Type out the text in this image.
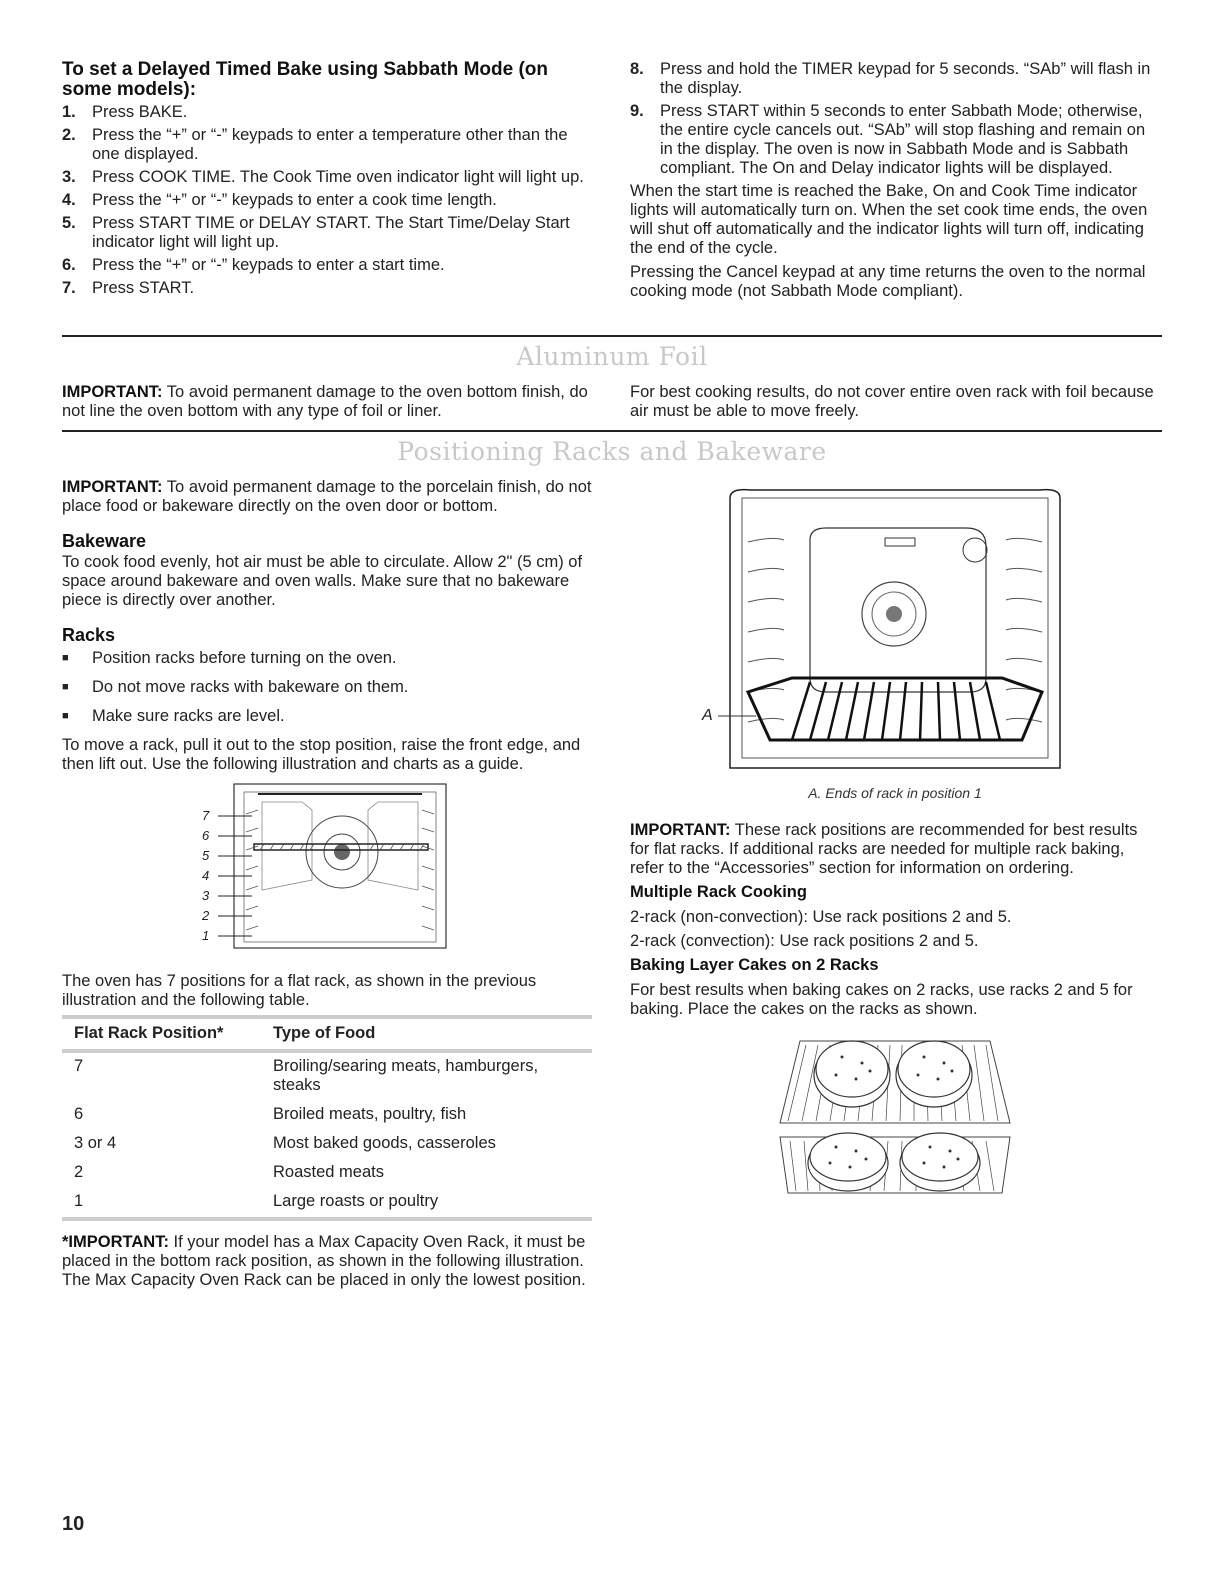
To set a Delayed Timed Bake using Sabbath Mode (on some models):
1. Press BAKE.
2. Press the “+” or “-” keypads to enter a temperature other than the one displayed.
3. Press COOK TIME. The Cook Time oven indicator light will light up.
4. Press the “+” or “-” keypads to enter a cook time length.
5. Press START TIME or DELAY START. The Start Time/Delay Start indicator light will light up.
6. Press the “+” or “-” keypads to enter a start time.
7. Press START.
8. Press and hold the TIMER keypad for 5 seconds. “SAb” will flash in the display.
9. Press START within 5 seconds to enter Sabbath Mode; otherwise, the entire cycle cancels out. “SAb” will stop flashing and remain on in the display. The oven is now in Sabbath Mode and is Sabbath compliant. The On and Delay indicator lights will be displayed.

When the start time is reached the Bake, On and Cook Time indicator lights will automatically turn on. When the set cook time ends, the oven will shut off automatically and the indicator lights will turn off, indicating the end of the cycle.

Pressing the Cancel keypad at any time returns the oven to the normal cooking mode (not Sabbath Mode compliant).

Aluminum Foil

IMPORTANT: To avoid permanent damage to the oven bottom finish, do not line the oven bottom with any type of foil or liner.

For best cooking results, do not cover entire oven rack with foil because air must be able to move freely.

Positioning Racks and Bakeware

IMPORTANT: To avoid permanent damage to the porcelain finish, do not place food or bakeware directly on the oven door or bottom.

Bakeware

To cook food evenly, hot air must be able to circulate. Allow 2" (5 cm) of space around bakeware and oven walls. Make sure that no bakeware piece is directly over another.

Racks
■	Position racks before turning on the oven.
■	Do not move racks with bakeware on them.
■	Make sure racks are level.

To move a rack, pull it out to the stop position, raise the front edge, and then lift out. Use the following illustration and charts as a guide.

7
6
5
4
3
2
1

The oven has 7 positions for a flat rack, as shown in the previous illustration and the following table.

Flat Rack Position*	Type of Food
7	Broiling/searing meats, hamburgers, steaks
6	Broiled meats, poultry, fish
3 or 4	Most baked goods, casseroles
2	Roasted meats
1	Large roasts or poultry

*IMPORTANT: If your model has a Max Capacity Oven Rack, it must be placed in the bottom rack position, as shown in the following illustration. The Max Capacity Oven Rack can be placed in only the lowest position.

A
A. Ends of rack in position 1

IMPORTANT: These rack positions are recommended for best results for flat racks. If additional racks are needed for multiple rack baking, refer to the “Accessories” section for information on ordering.

Multiple Rack Cooking

2-rack (non-convection): Use rack positions 2 and 5.

2-rack (convection): Use rack positions 2 and 5.

Baking Layer Cakes on 2 Racks

For best results when baking cakes on 2 racks, use racks 2 and 5 for baking. Place the cakes on the racks as shown.

10
